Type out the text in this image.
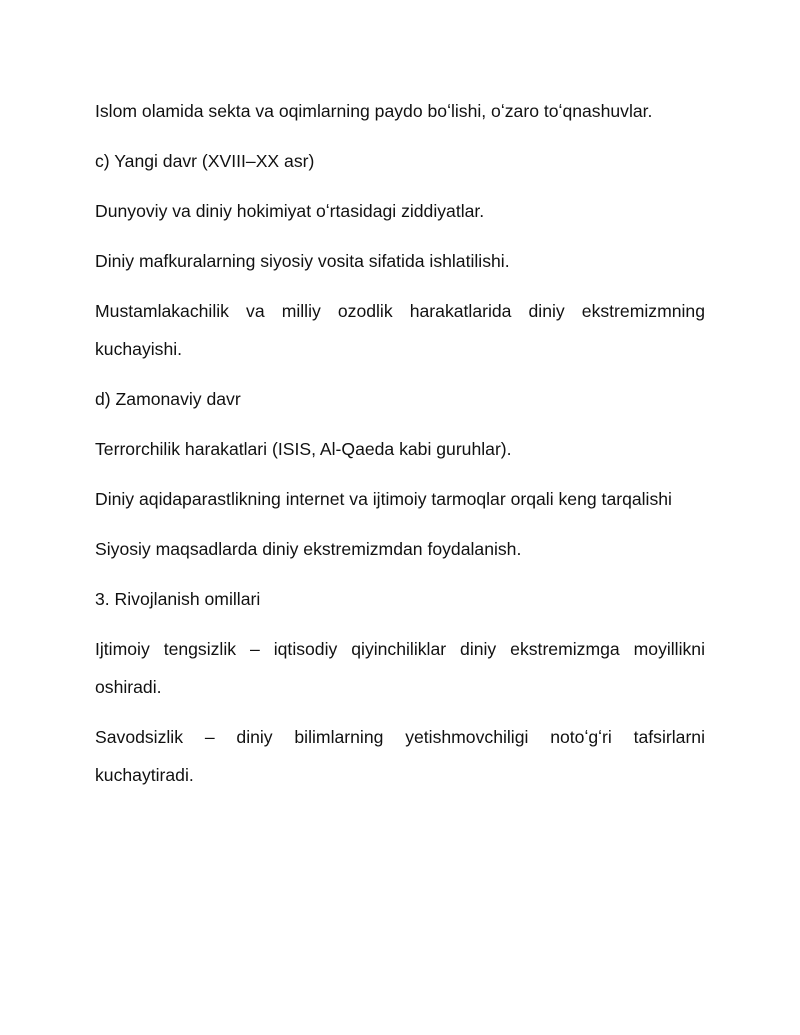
Islom olamida sekta va oqimlarning paydo boʻlishi, oʻzaro toʻqnashuvlar.

c) Yangi davr (XVIII–XX asr)

Dunyoviy va diniy hokimiyat oʻrtasidagi ziddiyatlar.

Diniy mafkuralarning siyosiy vosita sifatida ishlatilishi.

Mustamlakachilik va milliy ozodlik harakatlarida diniy ekstremizmning kuchayishi.

d) Zamonaviy davr

Terrorchilik harakatlari (ISIS, Al-Qaeda kabi guruhlar).

Diniy aqidaparastlikning internet va ijtimoiy tarmoqlar orqali keng tarqalishi

Siyosiy maqsadlarda diniy ekstremizmdan foydalanish.

3. Rivojlanish omillari

Ijtimoiy tengsizlik – iqtisodiy qiyinchiliklar diniy ekstremizmga moyillikni oshiradi.

Savodsizlik – diniy bilimlarning yetishmovchiligi notoʻgʻri tafsirlarni kuchaytiradi.
